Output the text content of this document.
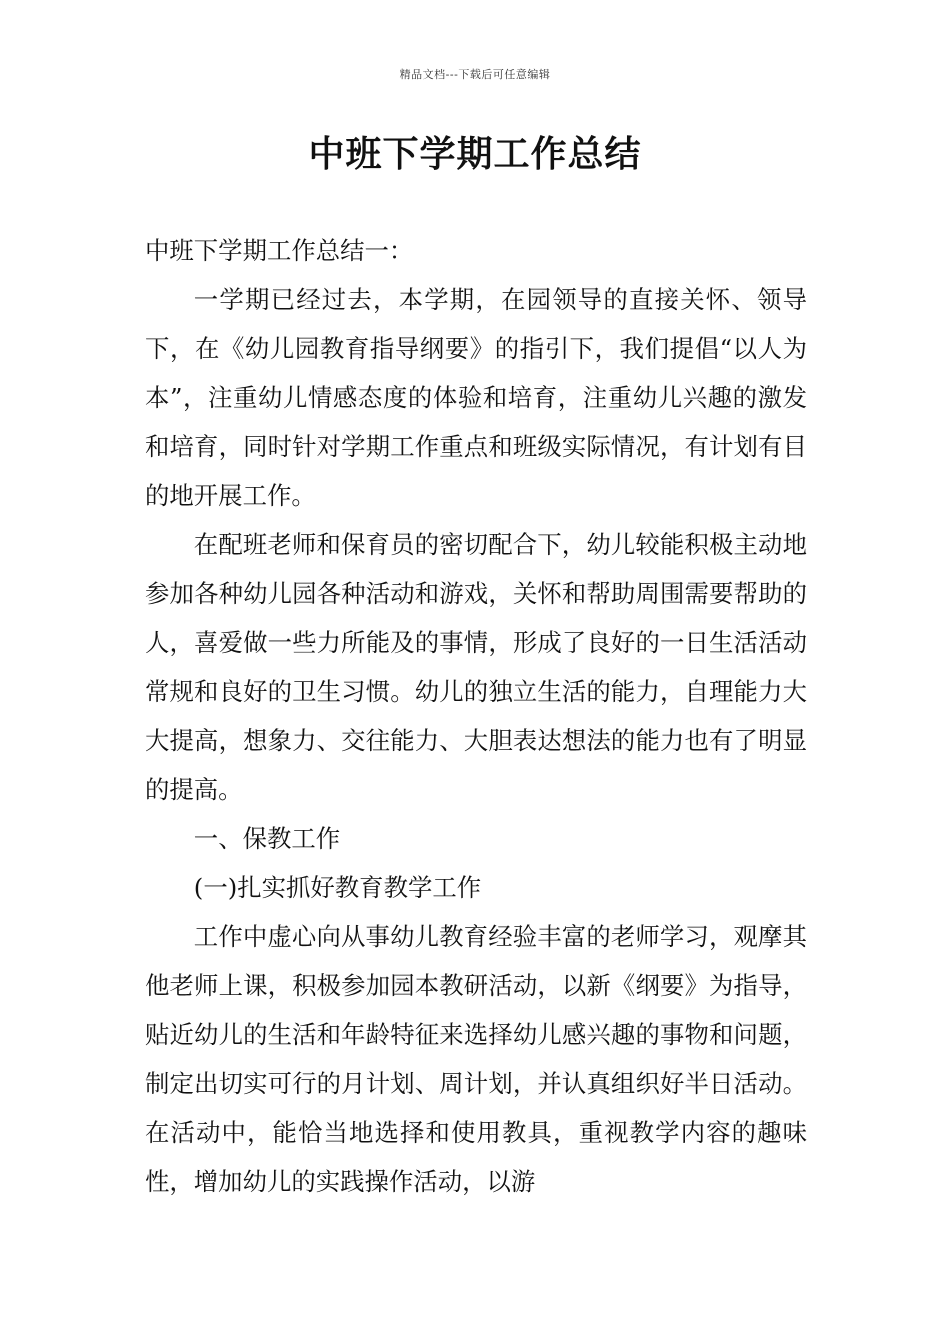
精品文档---下载后可任意编辑
中班下学期工作总结

中班下学期工作总结一：

一学期已经过去，本学期，在园领导的直接关怀、领导下，在《幼儿园教育指导纲要》的指引下，我们提倡“以人为本”，注重幼儿情感态度的体验和培育，注重幼儿兴趣的激发和培育，同时针对学期工作重点和班级实际情况，有计划有目的地开展工作。

在配班老师和保育员的密切配合下，幼儿较能积极主动地参加各种幼儿园各种活动和游戏，关怀和帮助周围需要帮助的人，喜爱做一些力所能及的事情，形成了良好的一日生活活动常规和良好的卫生习惯。幼儿的独立生活的能力，自理能力大大提高，想象力、交往能力、大胆表达想法的能力也有了明显的提高。

一、保教工作

(一)扎实抓好教育教学工作

工作中虚心向从事幼儿教育经验丰富的老师学习，观摩其他老师上课，积极参加园本教研活动，以新《纲要》为指导，贴近幼儿的生活和年龄特征来选择幼儿感兴趣的事物和问题，制定出切实可行的月计划、周计划，并认真组织好半日活动。在活动中，能恰当地选择和使用教具，重视教学内容的趣味性，增加幼儿的实践操作活动，以游
